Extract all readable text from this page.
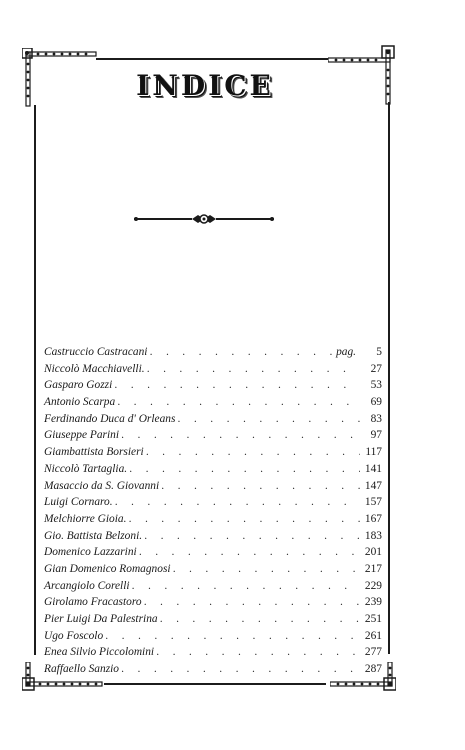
INDICE
Castruccio Castracani . . .	pag.	5
Niccolò Macchiavelli. . . .	27
Gasparo Gozzi . . .	53
Antonio Scarpa . . .	69
Ferdinando Duca d' Orleans . . .	83
Giuseppe Parini . . .	97
Giambattista Borsieri . . .	117
Niccolò Tartaglia. . . .	141
Masaccio da S. Giovanni . . .	147
Luigi Cornaro. . . .	157
Melchiorre Gioia. . . .	167
Gio. Battista Belzoni. . . .	183
Domenico Lazzarini . . .	201
Gian Domenico Romagnosi . . .	217
Arcangiolo Corelli . . .	229
Girolamo Fracastoro . . .	239
Pier Luigi Da Palestrina . . .	251
Ugo Foscolo . . .	261
Enea Silvio Piccolomini . . .	277
Raffaello Sanzio . . .	287
